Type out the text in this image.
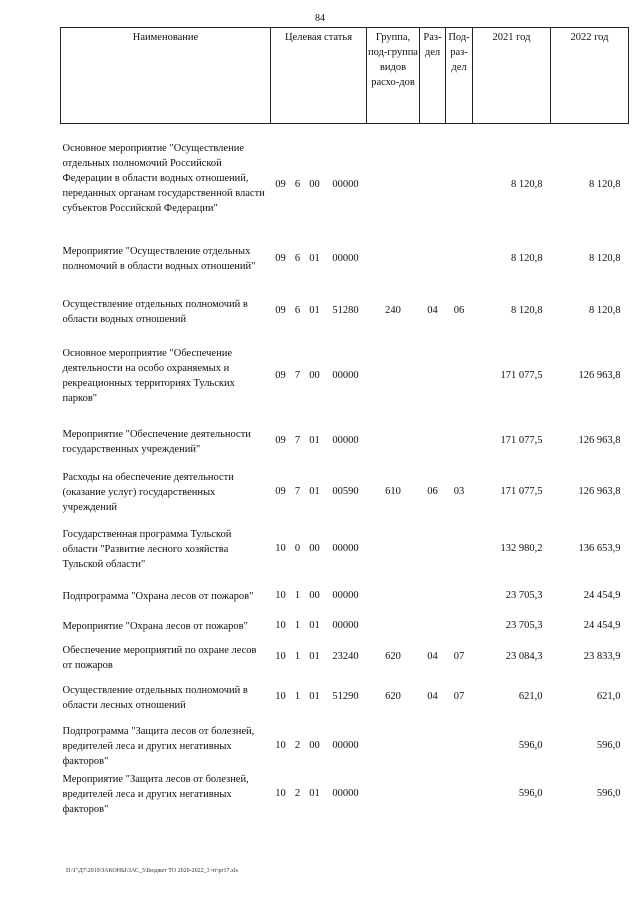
84
Наименование	Целевая статья				Группа, под-группа видов расхо-дов	Раз-дел	Под-раз-дел	2021 год	2022 год
Основное мероприятие "Осуществление отдельных полномочий Российской Федерации в области водных отношений, переданных органам государственной власти субъектов Российской Федерации"	09	6	00	00000				8 120,8	8 120,8
Мероприятие "Осуществление отдельных полномочий в области водных отношений"	09	6	01	00000				8 120,8	8 120,8
Осуществление отдельных полномочий в области водных отношений	09	6	01	51280	240	04	06	8 120,8	8 120,8
Основное мероприятие "Обеспечение деятельности на особо охраняемых и рекреационных территориях Тульских парков"	09	7	00	00000				171 077,5	126 963,8
Мероприятие "Обеспечение деятельности государственных учреждений"	09	7	01	00000				171 077,5	126 963,8
Расходы на обеспечение деятельности (оказание услуг) государственных учреждений	09	7	01	00590	610	06	03	171 077,5	126 963,8
Государственная программа Тульской области "Развитие лесного хозяйства Тульской области"	10	0	00	00000				132 980,2	136 653,9
Подпрограмма "Охрана лесов от пожаров"	10	1	00	00000				23 705,3	24 454,9
Мероприятие "Охрана лесов от пожаров"	10	1	01	00000				23 705,3	24 454,9
Обеспечение мероприятий по охране лесов от пожаров	10	1	01	23240	620	04	07	23 084,3	23 833,9
Осуществление отдельных полномочий в области лесных отношений	10	1	01	51290	620	04	07	621,0	621,0
Подпрограмма "Защита лесов от болезней, вредителей леса и других негативных факторов"	10	2	00	00000				596,0	596,0
Мероприятие "Защита лесов от болезней, вредителей леса и других негативных факторов"	10	2	01	00000				596,0	596,0
D:\Г\Д7\2019\ЗАКОНЫ\ЗАС_5\Бюджет ТО 2020-2022_3 чт\pr17.xls
